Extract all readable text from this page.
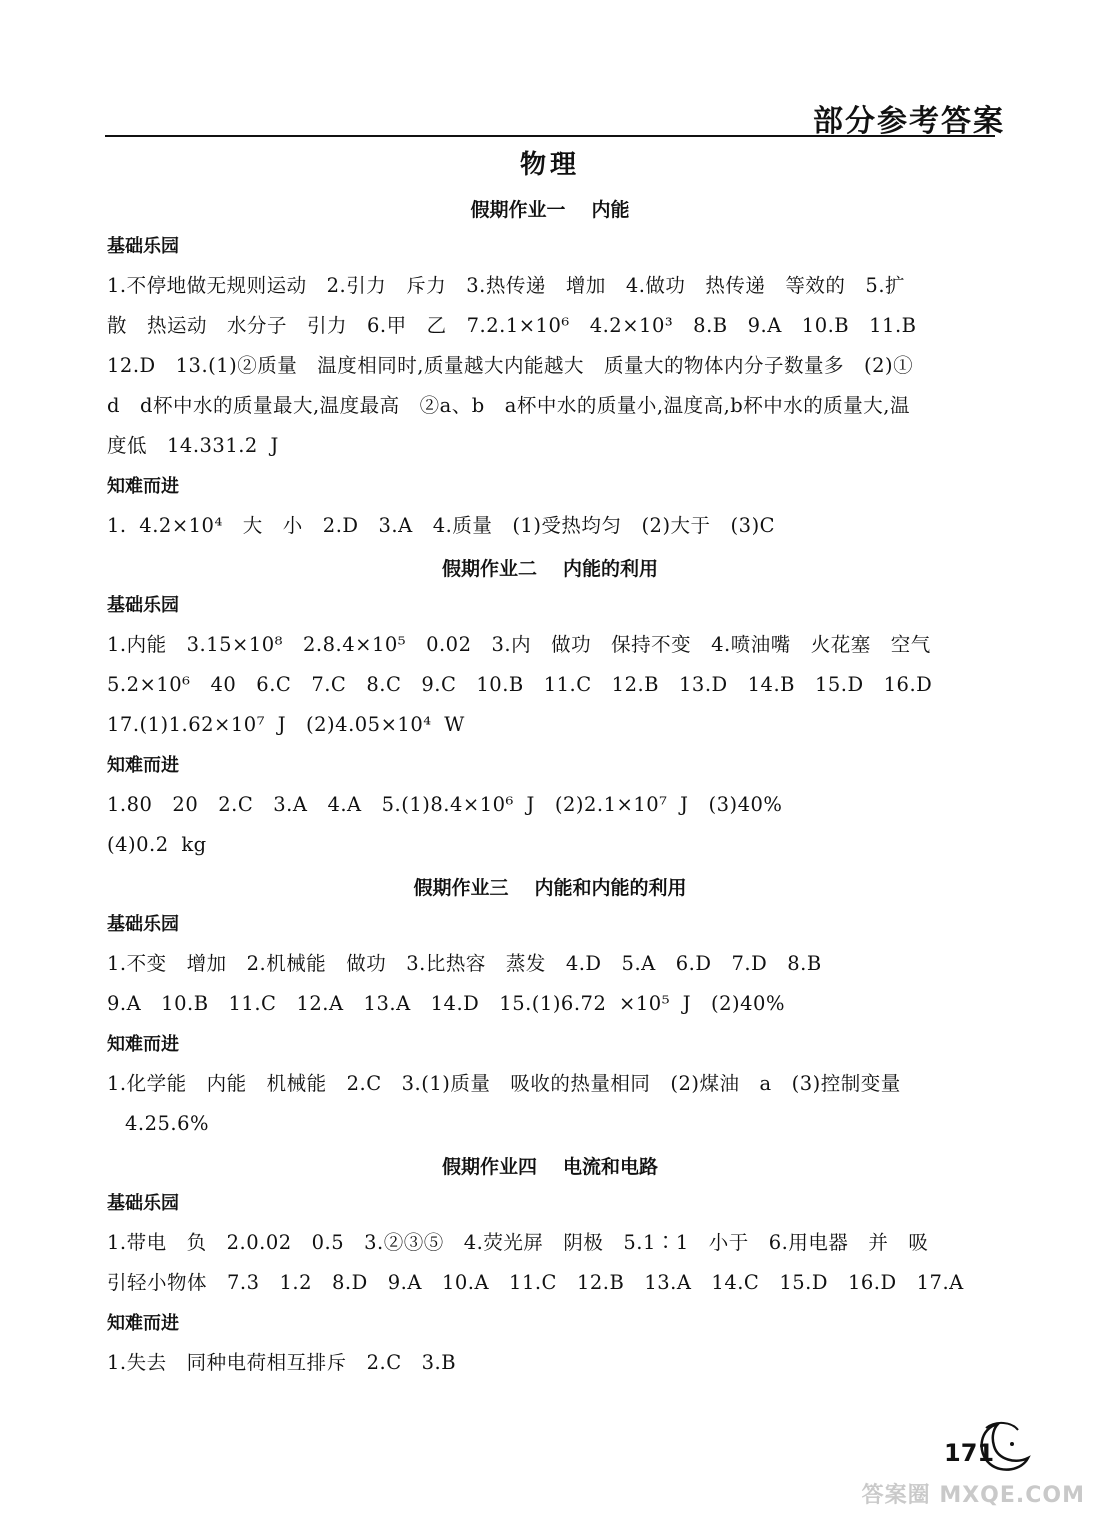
部分参考答案
物理
假期作业一 内能
基础乐园
1.不停地做无规则运动　2.引力　斥力　3.热传递　增加　4.做功　热传递　等效的　5.扩
散　热运动　水分子　引力　6.甲　乙　7.2.1×10⁶　4.2×10³　8.B　9.A　10.B　11.B
12.D　13.(1)②质量　温度相同时,质量越大内能越大　质量大的物体内分子数量多　(2)①
d　d杯中水的质量最大,温度最高　②a、b　a杯中水的质量小,温度高,b杯中水的质量大,温
度低　14.331.2 J
知难而进
1. 4.2×10⁴　大　小　2.D　3.A　4.质量　(1)受热均匀　(2)大于　(3)C
假期作业二 内能的利用
基础乐园
1.内能　3.15×10⁸　2.8.4×10⁵　0.02　3.内　做功　保持不变　4.喷油嘴　火花塞　空气
5.2×10⁶　40　6.C　7.C　8.C　9.C　10.B　11.C　12.B　13.D　14.B　15.D　16.D
17.(1)1.62×10⁷ J　(2)4.05×10⁴ W
知难而进
1.80　20　2.C　3.A　4.A　5.(1)8.4×10⁶ J　(2)2.1×10⁷ J　(3)40%
(4)0.2 kg
假期作业三 内能和内能的利用
基础乐园
1.不变　增加　2.机械能　做功　3.比热容　蒸发　4.D　5.A　6.D　7.D　8.B
9.A　10.B　11.C　12.A　13.A　14.D　15.(1)6.72 ×10⁵ J　(2)40%
知难而进
1.化学能　内能　机械能　2.C　3.(1)质量　吸收的热量相同　(2)煤油　a　(3)控制变量
4.25.6%
假期作业四 电流和电路
基础乐园
1.带电　负　2.0.02　0.5　3.②③⑤　4.荧光屏　阴极　5.1∶1　小于　6.用电器　并　吸
引轻小物体　7.3　1.2　8.D　9.A　10.A　11.C　12.B　13.A　14.C　15.D　16.D　17.A
知难而进
1.失去　同种电荷相互排斥　2.C　3.B
171
答案圈 MXQE.COM
